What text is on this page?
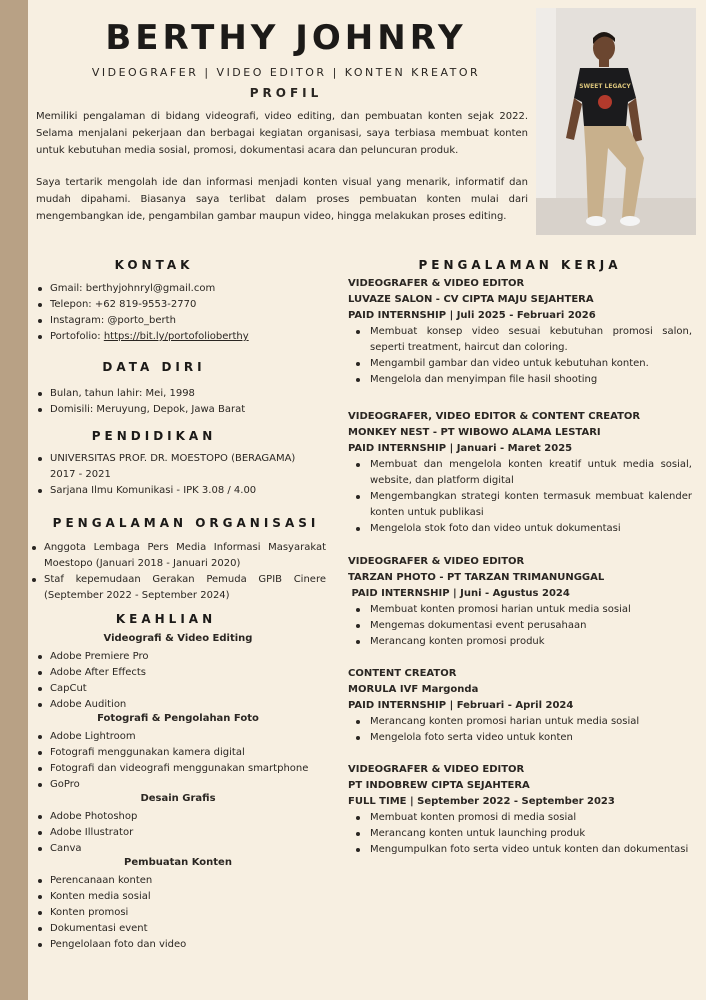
SWEET LEGACY
BERTHY JOHNRY
VIDEOGRAFER | VIDEO EDITOR | KONTEN KREATOR
PROFIL

Memiliki pengalaman di bidang videografi, video editing, dan pembuatan konten sejak 2022. Selama menjalani pekerjaan dan berbagai kegiatan organisasi, saya terbiasa membuat konten untuk kebutuhan media sosial, promosi, dokumentasi acara dan peluncuran produk.

Saya tertarik mengolah ide dan informasi menjadi konten visual yang menarik, informatif dan mudah dipahami. Biasanya saya terlibat dalam proses pembuatan konten mulai dari mengembangkan ide, pengambilan gambar maupun video, hingga melakukan proses editing.

KONTAK
Gmail: berthyjohnryl@gmail.com
Telepon: +62 819-9553-2770
Instagram: @porto_berth
Portofolio: https://bit.ly/portofolioberthy
DATA DIRI
Bulan, tahun lahir: Mei, 1998
Domisili: Meruyung, Depok, Jawa Barat
PENDIDIKAN
UNIVERSITAS PROF. DR. MOESTOPO (BERAGAMA) 2017 - 2021
Sarjana Ilmu Komunikasi - IPK 3.08 / 4.00
PENGALAMAN ORGANISASI
Anggota Lembaga Pers Media Informasi Masyarakat Moestopo (Januari 2018 - Januari 2020)
Staf kepemudaan Gerakan Pemuda GPIB Cinere (September 2022 - September 2024)
KEAHLIAN
Videografi & Video Editing
Adobe Premiere Pro
Adobe After Effects
CapCut
Adobe Audition
Fotografi & Pengolahan Foto
Adobe Lightroom
Fotografi menggunakan kamera digital
Fotografi dan videografi menggunakan smartphone
GoPro
Desain Grafis
Adobe Photoshop
Adobe Illustrator
Canva
Pembuatan Konten
Perencanaan konten
Konten media sosial
Konten promosi
Dokumentasi event
Pengelolaan foto dan video
PENGALAMAN KERJA
VIDEOGRAFER & VIDEO EDITOR
LUVAZE SALON - CV CIPTA MAJU SEJAHTERA
PAID INTERNSHIP | Juli 2025 - Februari 2026
Membuat konsep video sesuai kebutuhan promosi salon, seperti treatment, haircut dan coloring.
Mengambil gambar dan video untuk kebutuhan konten.
Mengelola dan menyimpan file hasil shooting
VIDEOGRAFER, VIDEO EDITOR & CONTENT CREATOR
MONKEY NEST - PT WIBOWO ALAMA LESTARI
PAID INTERNSHIP | Januari - Maret 2025
Membuat dan mengelola konten kreatif untuk media sosial, website, dan platform digital
Mengembangkan strategi konten termasuk membuat kalender konten untuk publikasi
Mengelola stok foto dan video untuk dokumentasi
VIDEOGRAFER & VIDEO EDITOR
TARZAN PHOTO - PT TARZAN TRIMANUNGGAL
PAID INTERNSHIP | Juni - Agustus 2024
Membuat konten promosi harian untuk media sosial
Mengemas dokumentasi event perusahaan
Merancang konten promosi produk
CONTENT CREATOR
MORULA IVF Margonda
PAID INTERNSHIP | Februari - April 2024
Merancang konten promosi harian untuk media sosial
Mengelola foto serta video untuk konten
VIDEOGRAFER & VIDEO EDITOR
PT INDOBREW CIPTA SEJAHTERA
FULL TIME | September 2022 - September 2023
Membuat konten promosi di media sosial
Merancang konten untuk launching produk
Mengumpulkan foto serta video untuk konten dan dokumentasi
